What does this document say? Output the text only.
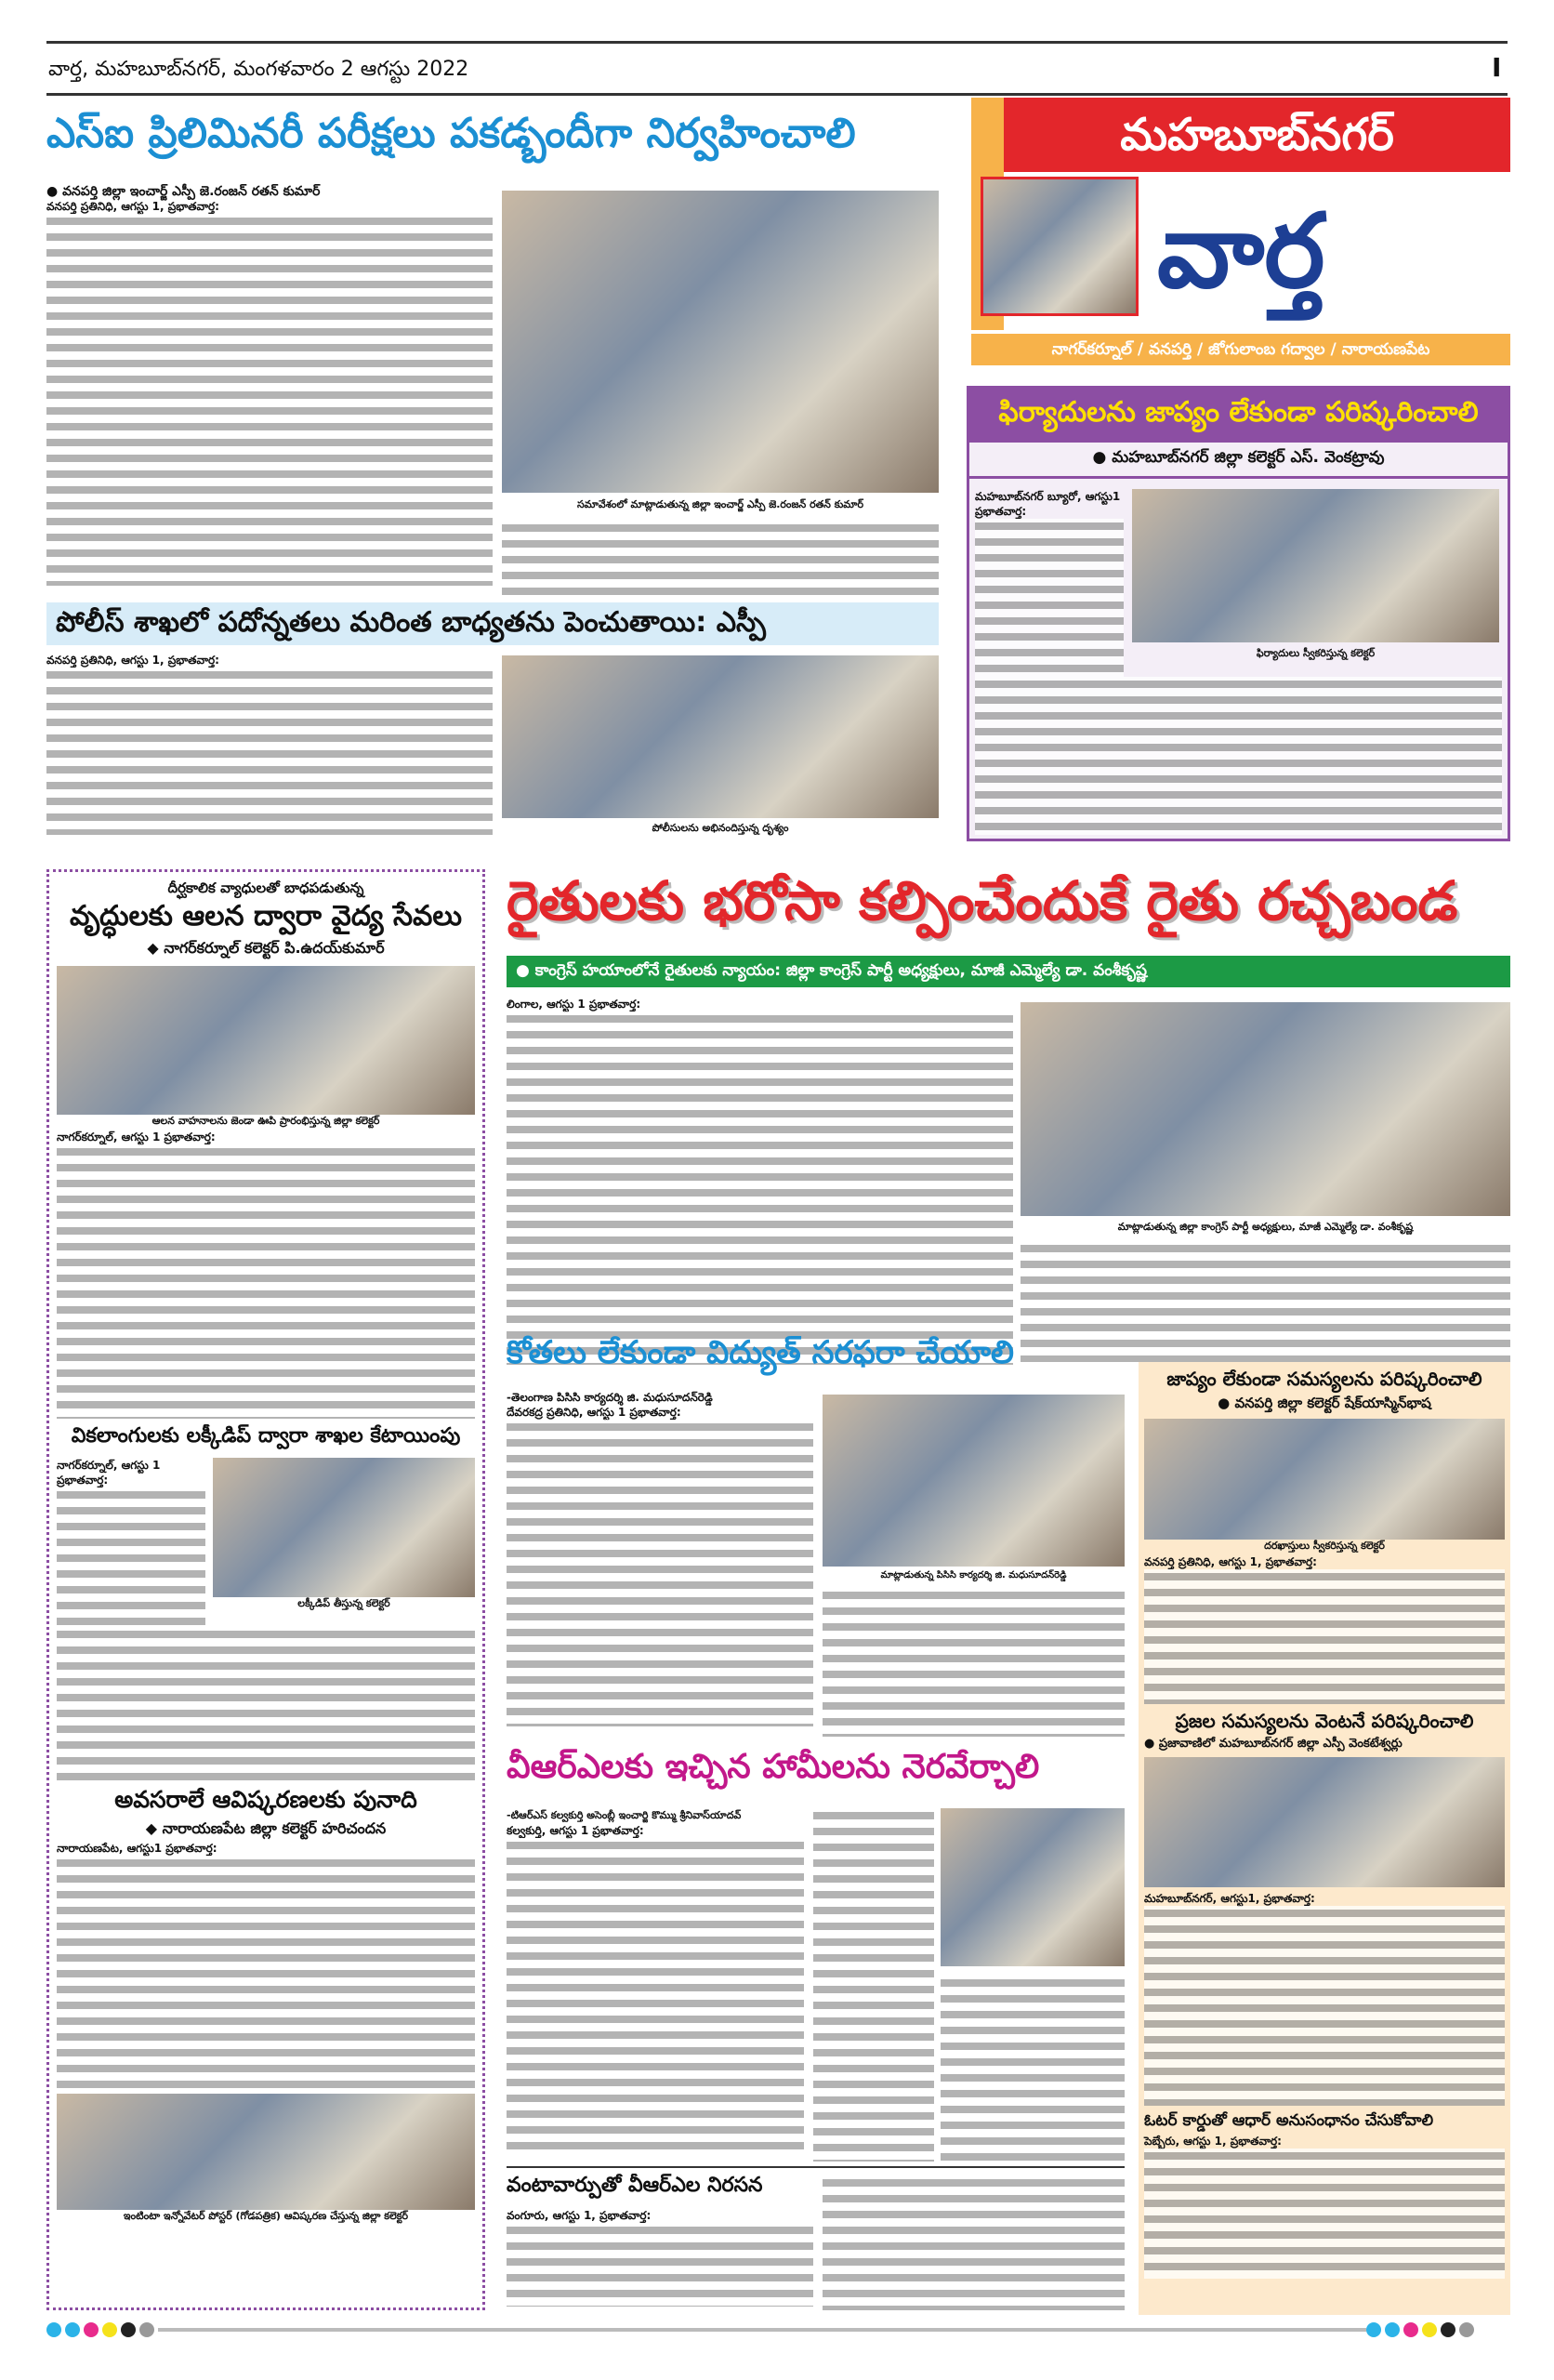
వార్త, మహబూబ్‌నగర్, మంగళవారం 2 ఆగస్టు 2022	I
ఎస్‌ఐ ప్రిలిమినరీ పరీక్షలు పకడ్బందీగా నిర్వహించాలి
● వనపర్తి జిల్లా ఇంచార్జ్ ఎస్పీ జె.రంజన్ రతన్ కుమార్
వనపర్తి ప్రతినిధి, ఆగస్టు 1, ప్రభాతవార్త:
సమావేశంలో మాట్లాడుతున్న జిల్లా ఇంచార్జ్ ఎస్పీ జె.రంజన్ రతన్ కుమార్
మహబూబ్‌నగర్
వార్త
నాగర్‌కర్నూల్ / వనపర్తి / జోగులాంబ గద్వాల / నారాయణపేట
పోలీస్ శాఖలో పదోన్నతలు మరింత బాధ్యతను పెంచుతాయి: ఎస్పీ
వనపర్తి ప్రతినిధి, ఆగస్టు 1, ప్రభాతవార్త:
పోలీసులను అభినందిస్తున్న దృశ్యం
ఫిర్యాదులను జాప్యం లేకుండా పరిష్కరించాలి
● మహబూబ్‌నగర్ జిల్లా కలెక్టర్ ఎస్. వెంకట్రావు
మహబూబ్‌నగర్ బ్యూరో, ఆగస్టు1 ప్రభాతవార్త:
ఫిర్యాదులు స్వీకరిస్తున్న కలెక్టర్
దీర్ఘకాలిక వ్యాధులతో బాధపడుతున్న
వృద్ధులకు ఆలన ద్వారా వైద్య సేవలు
◆ నాగర్‌కర్నూల్ కలెక్టర్ పి.ఉదయ్‌కుమార్
ఆలన వాహనాలను జెండా ఊపి ప్రారంభిస్తున్న జిల్లా కలెక్టర్
నాగర్‌కర్నూల్, ఆగస్టు 1 ప్రభాతవార్త:
వికలాంగులకు లక్కీడిప్ ద్వారా శాఖల కేటాయింపు
నాగర్‌కర్నూల్, ఆగస్టు 1 ప్రభాతవార్త:
లక్కీడిప్ తీస్తున్న కలెక్టర్
అవసరాలే ఆవిష్కరణలకు పునాది
◆ నారాయణపేట జిల్లా కలెక్టర్ హరిచందన
నారాయణపేట, ఆగస్టు1 ప్రభాతవార్త:
ఇంటింటా ఇన్నోవేటర్ పోస్టర్ (గోడపత్రిక) ఆవిష్కరణ చేస్తున్న జిల్లా కలెక్టర్
రైతులకు భరోసా కల్పించేందుకే రైతు రచ్చబండ
● కాంగ్రెస్ హయాంలోనే రైతులకు న్యాయం: జిల్లా కాంగ్రెస్ పార్టీ అధ్యక్షులు, మాజీ ఎమ్మెల్యే డా. వంశీకృష్ణ
లింగాల, ఆగస్టు 1 ప్రభాతవార్త:
మాట్లాడుతున్న జిల్లా కాంగ్రెస్ పార్టీ అధ్యక్షులు, మాజీ ఎమ్మెల్యే డా. వంశీకృష్ణ
కోతలు లేకుండా విద్యుత్ సరఫరా చేయాలి
-తెలంగాణ పిసిసి కార్యదర్శి జి. మధుసూదన్‌రెడ్డి
దేవరకద్ర ప్రతినిధి, ఆగస్టు 1 ప్రభాతవార్త:
మాట్లాడుతున్న పిసిసి కార్యదర్శి జి. మధుసూదన్‌రెడ్డి
జాప్యం లేకుండా సమస్యలను పరిష్కరించాలి
● వనపర్తి జిల్లా కలెక్టర్ షేక్‌యాస్మిన్‌భాష
దరఖాస్తులు స్వీకరిస్తున్న కలెక్టర్
వనపర్తి ప్రతినిధి, ఆగస్టు 1, ప్రభాతవార్త:
ప్రజల సమస్యలను వెంటనే పరిష్కరించాలి
● ప్రజావాణిలో మహబూబ్‌నగర్ జిల్లా ఎస్పీ వెంకటేశ్వర్లు
మహబూబ్‌నగర్, ఆగస్టు1, ప్రభాతవార్త:
ఓటర్ కార్డుతో ఆధార్ అనుసంధానం చేసుకోవాలి
పెబ్బేరు, ఆగస్టు 1, ప్రభాతవార్త:
వీఆర్‌ఎలకు ఇచ్చిన హామీలను నెరవేర్చాలి
-టిఆర్‌ఎస్ కల్వకుర్తి అసెంబ్లీ ఇంచార్జి కొమ్ము శ్రీనివాస్‌యాదవ్
కల్వకుర్తి, ఆగస్టు 1 ప్రభాతవార్త:
వంటావార్పుతో వీఆర్‌ఎల నిరసన
వంగూరు, ఆగస్టు 1, ప్రభాతవార్త:
